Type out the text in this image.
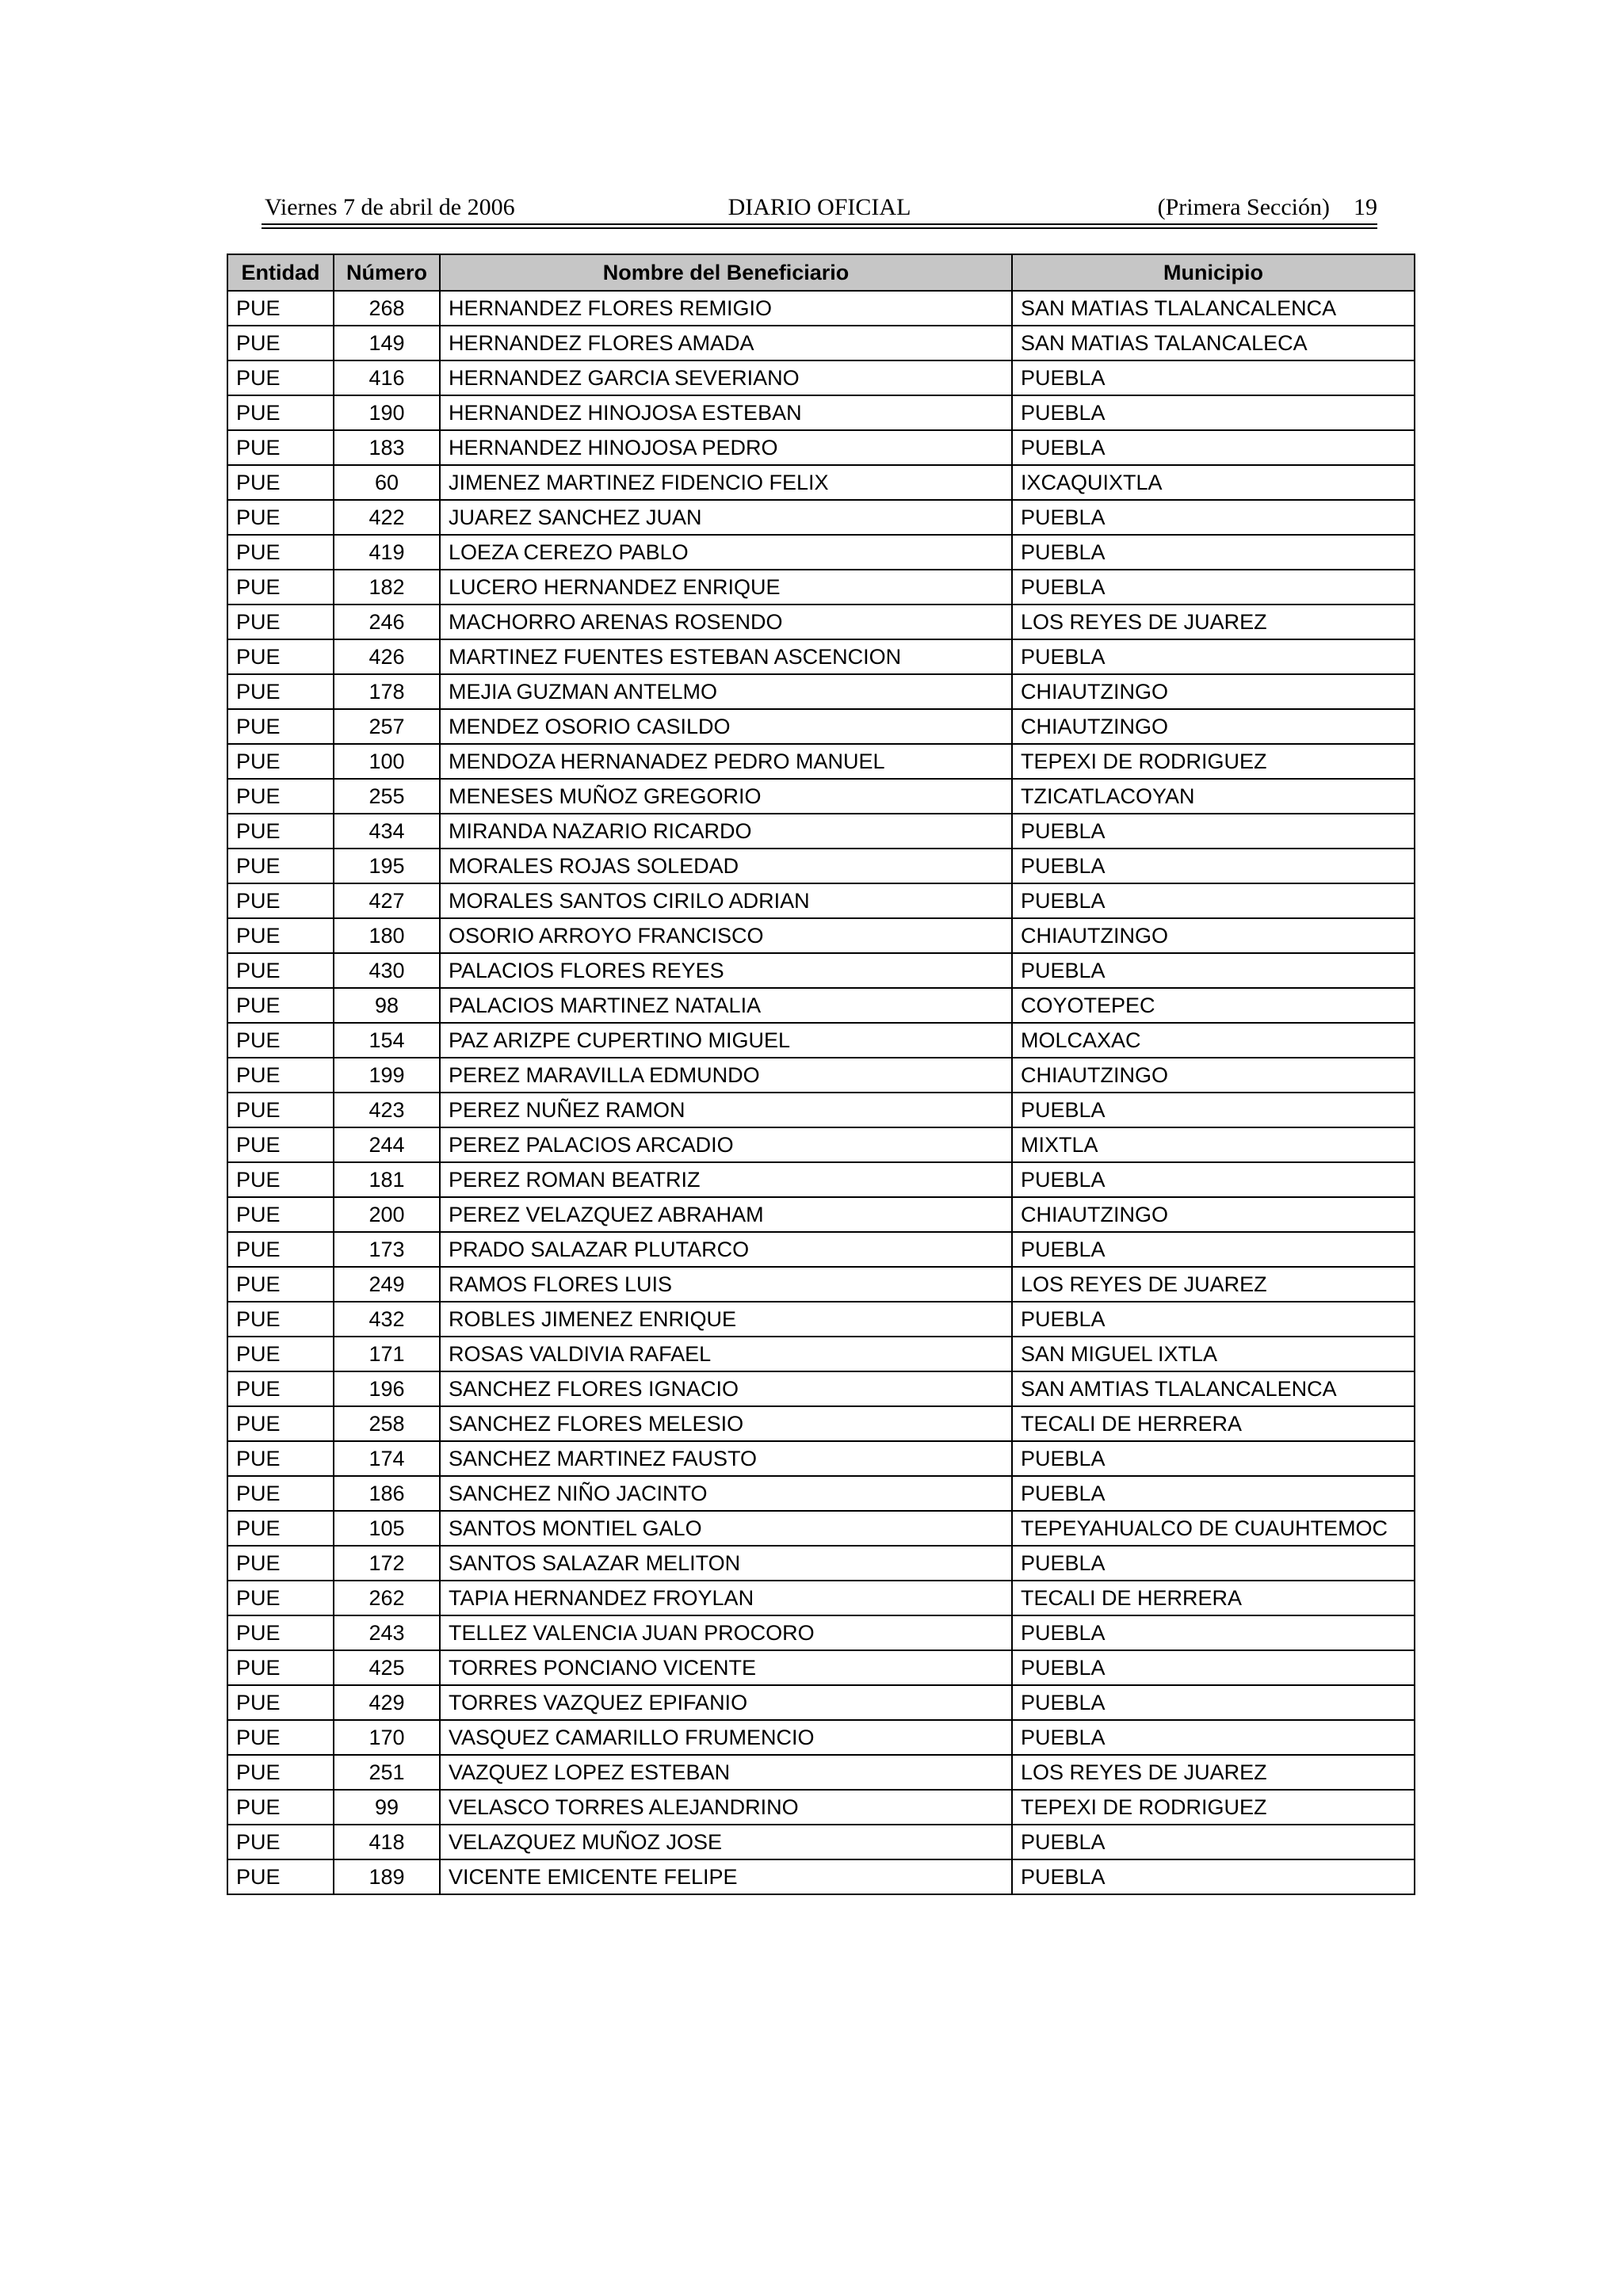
Viernes 7 de abril de 2006	DIARIO OFICIAL	(Primera Sección) 19
Entidad	Número	Nombre del Beneficiario	Municipio
PUE	268	HERNANDEZ FLORES REMIGIO	SAN MATIAS TLALANCALENCA
PUE	149	HERNANDEZ FLORES AMADA	SAN MATIAS TALANCALECA
PUE	416	HERNANDEZ GARCIA SEVERIANO	PUEBLA
PUE	190	HERNANDEZ HINOJOSA ESTEBAN	PUEBLA
PUE	183	HERNANDEZ HINOJOSA PEDRO	PUEBLA
PUE	60	JIMENEZ MARTINEZ FIDENCIO FELIX	IXCAQUIXTLA
PUE	422	JUAREZ SANCHEZ JUAN	PUEBLA
PUE	419	LOEZA CEREZO PABLO	PUEBLA
PUE	182	LUCERO HERNANDEZ ENRIQUE	PUEBLA
PUE	246	MACHORRO ARENAS ROSENDO	LOS REYES DE JUAREZ
PUE	426	MARTINEZ FUENTES ESTEBAN ASCENCION	PUEBLA
PUE	178	MEJIA GUZMAN ANTELMO	CHIAUTZINGO
PUE	257	MENDEZ OSORIO CASILDO	CHIAUTZINGO
PUE	100	MENDOZA HERNANADEZ PEDRO MANUEL	TEPEXI DE RODRIGUEZ
PUE	255	MENESES MUÑOZ GREGORIO	TZICATLACOYAN
PUE	434	MIRANDA NAZARIO RICARDO	PUEBLA
PUE	195	MORALES ROJAS SOLEDAD	PUEBLA
PUE	427	MORALES SANTOS CIRILO ADRIAN	PUEBLA
PUE	180	OSORIO ARROYO FRANCISCO	CHIAUTZINGO
PUE	430	PALACIOS FLORES REYES	PUEBLA
PUE	98	PALACIOS MARTINEZ NATALIA	COYOTEPEC
PUE	154	PAZ ARIZPE CUPERTINO MIGUEL	MOLCAXAC
PUE	199	PEREZ MARAVILLA EDMUNDO	CHIAUTZINGO
PUE	423	PEREZ NUÑEZ RAMON	PUEBLA
PUE	244	PEREZ PALACIOS ARCADIO	MIXTLA
PUE	181	PEREZ ROMAN BEATRIZ	PUEBLA
PUE	200	PEREZ VELAZQUEZ ABRAHAM	CHIAUTZINGO
PUE	173	PRADO SALAZAR PLUTARCO	PUEBLA
PUE	249	RAMOS FLORES LUIS	LOS REYES DE JUAREZ
PUE	432	ROBLES JIMENEZ ENRIQUE	PUEBLA
PUE	171	ROSAS VALDIVIA RAFAEL	SAN MIGUEL IXTLA
PUE	196	SANCHEZ FLORES IGNACIO	SAN AMTIAS TLALANCALENCA
PUE	258	SANCHEZ FLORES MELESIO	TECALI DE HERRERA
PUE	174	SANCHEZ MARTINEZ FAUSTO	PUEBLA
PUE	186	SANCHEZ NIÑO JACINTO	PUEBLA
PUE	105	SANTOS MONTIEL GALO	TEPEYAHUALCO DE CUAUHTEMOC
PUE	172	SANTOS SALAZAR MELITON	PUEBLA
PUE	262	TAPIA HERNANDEZ FROYLAN	TECALI DE HERRERA
PUE	243	TELLEZ VALENCIA JUAN PROCORO	PUEBLA
PUE	425	TORRES PONCIANO VICENTE	PUEBLA
PUE	429	TORRES VAZQUEZ EPIFANIO	PUEBLA
PUE	170	VASQUEZ CAMARILLO FRUMENCIO	PUEBLA
PUE	251	VAZQUEZ LOPEZ ESTEBAN	LOS REYES DE JUAREZ
PUE	99	VELASCO TORRES ALEJANDRINO	TEPEXI DE RODRIGUEZ
PUE	418	VELAZQUEZ MUÑOZ JOSE	PUEBLA
PUE	189	VICENTE EMICENTE FELIPE	PUEBLA
